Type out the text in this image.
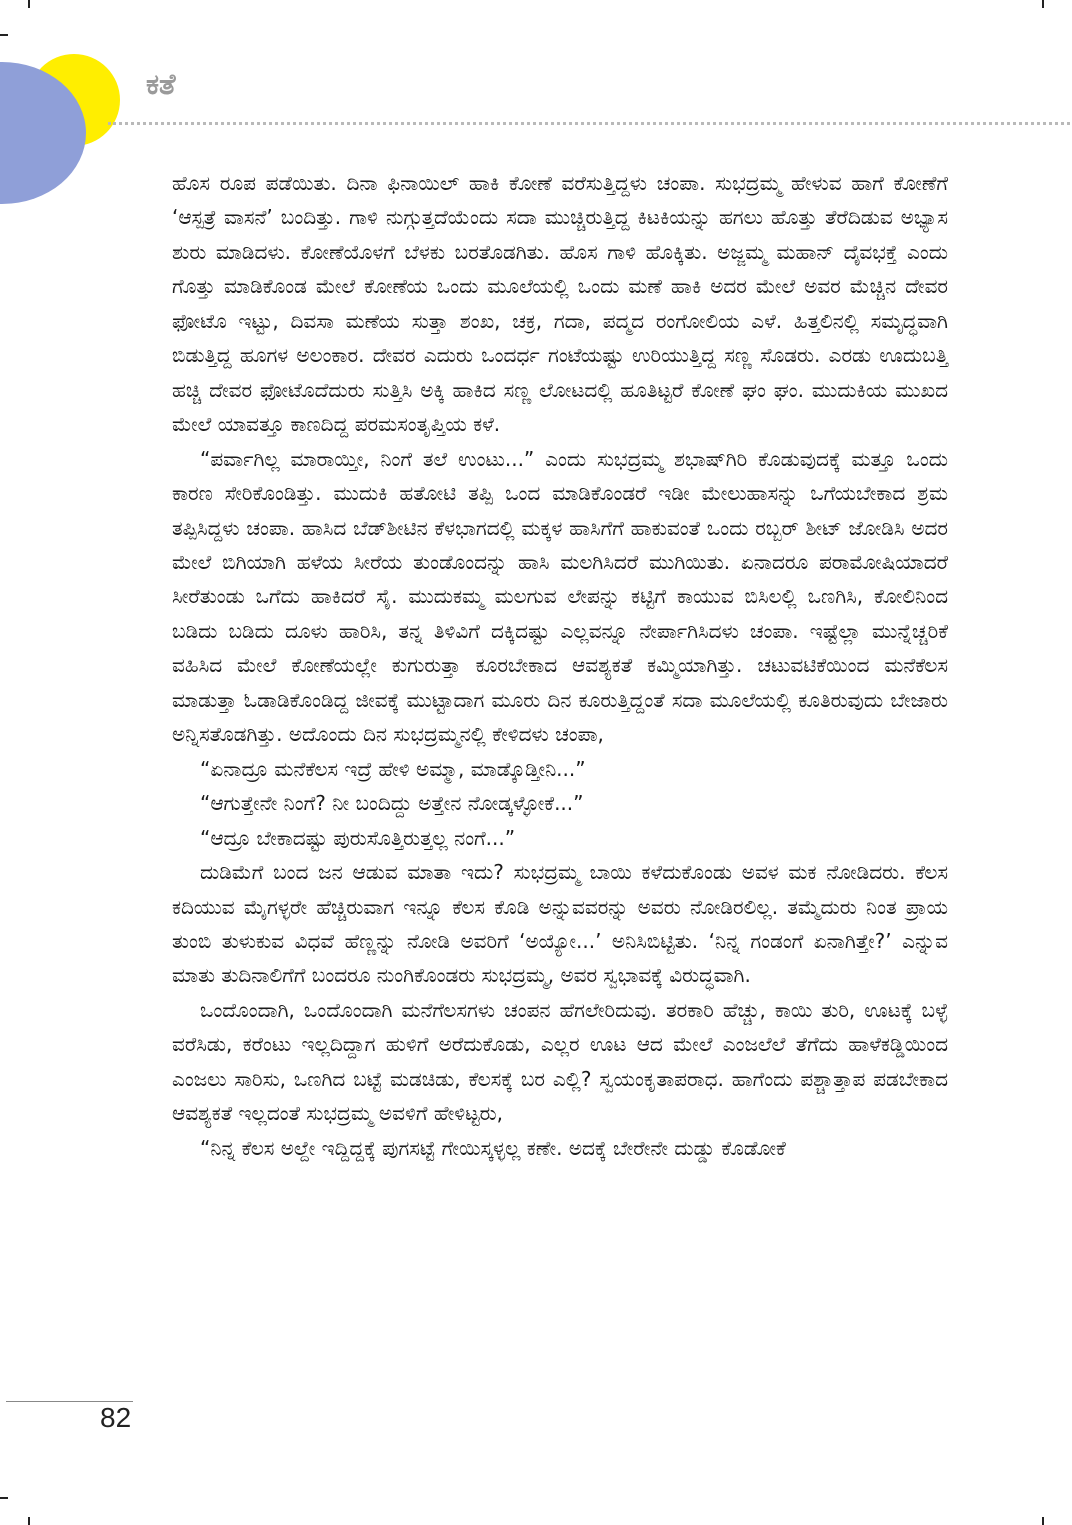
ಕತೆ

ಹೊಸ ರೂಪ ಪಡೆಯಿತು. ದಿನಾ ಫಿನಾಯಿಲ್ ಹಾಕಿ ಕೋಣೆ ವರೆಸುತ್ತಿದ್ದಳು ಚಂಪಾ. ಸುಭದ್ರಮ್ಮ ಹೇಳುವ ಹಾಗೆ ಕೋಣೆಗೆ ‘ಆಸ್ಪತ್ರೆ ವಾಸನೆ’ ಬಂದಿತ್ತು. ಗಾಳಿ ನುಗ್ಗುತ್ತದೆಯೆಂದು ಸದಾ ಮುಚ್ಚಿರುತ್ತಿದ್ದ ಕಿಟಕಿಯನ್ನು ಹಗಲು ಹೊತ್ತು ತೆರೆದಿಡುವ ಅಭ್ಯಾಸ ಶುರು ಮಾಡಿದಳು. ಕೋಣೆಯೊಳಗೆ ಬೆಳಕು ಬರತೊಡಗಿತು. ಹೊಸ ಗಾಳಿ ಹೊಕ್ಕಿತು. ಅಜ್ಜಮ್ಮ ಮಹಾನ್ ದೈವಭಕ್ತೆ ಎಂದು ಗೊತ್ತು ಮಾಡಿಕೊಂಡ ಮೇಲೆ ಕೋಣೆಯ ಒಂದು ಮೂಲೆಯಲ್ಲಿ ಒಂದು ಮಣೆ ಹಾಕಿ ಅದರ ಮೇಲೆ ಅವರ ಮೆಚ್ಚಿನ ದೇವರ ಫೋಟೊ ಇಟ್ಟು, ದಿವಸಾ ಮಣೆಯ ಸುತ್ತಾ ಶಂಖ, ಚಕ್ರ, ಗದಾ, ಪದ್ಮದ ರಂಗೋಲಿಯ ಎಳೆ. ಹಿತ್ತಲಿನಲ್ಲಿ ಸಮೃದ್ಧವಾಗಿ ಬಿಡುತ್ತಿದ್ದ ಹೂಗಳ ಅಲಂಕಾರ. ದೇವರ ಎದುರು ಒಂದರ್ಧ ಗಂಟೆಯಷ್ಟು ಉರಿಯುತ್ತಿದ್ದ ಸಣ್ಣ ಸೊಡರು. ಎರಡು ಊದುಬತ್ತಿ ಹಚ್ಚಿ ದೇವರ ಫೋಟೊದೆದುರು ಸುತ್ತಿಸಿ ಅಕ್ಕಿ ಹಾಕಿದ ಸಣ್ಣ ಲೋಟದಲ್ಲಿ ಹೂತಿಟ್ಟರೆ ಕೋಣೆ ಘಂ ಘಂ. ಮುದುಕಿಯ ಮುಖದ ಮೇಲೆ ಯಾವತ್ತೂ ಕಾಣದಿದ್ದ ಪರಮಸಂತೃಪ್ತಿಯ ಕಳೆ.

“ಪರ್ವಾಗಿಲ್ಲ ಮಾರಾಯ್ತೀ, ನಿಂಗೆ ತಲೆ ಉಂಟು...” ಎಂದು ಸುಭದ್ರಮ್ಮ ಶಭಾಷ್‌ಗಿರಿ ಕೊಡುವುದಕ್ಕೆ ಮತ್ತೂ ಒಂದು ಕಾರಣ ಸೇರಿಕೊಂಡಿತ್ತು. ಮುದುಕಿ ಹತೋಟಿ ತಪ್ಪಿ ಒಂದ ಮಾಡಿಕೊಂಡರೆ ಇಡೀ ಮೇಲುಹಾಸನ್ನು ಒಗೆಯಬೇಕಾದ ಶ್ರಮ ತಪ್ಪಿಸಿದ್ದಳು ಚಂಪಾ. ಹಾಸಿದ ಬೆಡ್‌ಶೀಟಿನ ಕೆಳಭಾಗದಲ್ಲಿ ಮಕ್ಕಳ ಹಾಸಿಗೆಗೆ ಹಾಕುವಂತೆ ಒಂದು ರಬ್ಬರ್ ಶೀಟ್ ಜೋಡಿಸಿ ಅದರ ಮೇಲೆ ಬಿಗಿಯಾಗಿ ಹಳೆಯ ಸೀರೆಯ ತುಂಡೊಂದನ್ನು ಹಾಸಿ ಮಲಗಿಸಿದರೆ ಮುಗಿಯಿತು. ಏನಾದರೂ ಪರಾಮೋಷಿಯಾದರೆ ಸೀರೆತುಂಡು ಒಗೆದು ಹಾಕಿದರೆ ಸೈ. ಮುದುಕಮ್ಮ ಮಲಗುವ ಲೇಪನ್ನು ಕಟ್ಟಿಗೆ ಕಾಯುವ ಬಿಸಿಲಲ್ಲಿ ಒಣಗಿಸಿ, ಕೋಲಿನಿಂದ ಬಡಿದು ಬಡಿದು ದೂಳು ಹಾರಿಸಿ, ತನ್ನ ತಿಳಿವಿಗೆ ದಕ್ಕಿದಷ್ಟು ಎಲ್ಲವನ್ನೂ ನೇರ್ಪಾಗಿಸಿದಳು ಚಂಪಾ. ಇಷ್ಟೆಲ್ಲಾ ಮುನ್ನೆಚ್ಚರಿಕೆ ವಹಿಸಿದ ಮೇಲೆ ಕೋಣೆಯಲ್ಲೇ ಕುಗುರುತ್ತಾ ಕೂರಬೇಕಾದ ಆವಶ್ಯಕತೆ ಕಮ್ಮಿಯಾಗಿತ್ತು. ಚಟುವಟಿಕೆಯಿಂದ ಮನೆಕೆಲಸ ಮಾಡುತ್ತಾ ಓಡಾಡಿಕೊಂಡಿದ್ದ ಜೀವಕ್ಕೆ ಮುಟ್ಟಾದಾಗ ಮೂರು ದಿನ ಕೂರುತ್ತಿದ್ದಂತೆ ಸದಾ ಮೂಲೆಯಲ್ಲಿ ಕೂತಿರುವುದು ಬೇಜಾರು ಅನ್ನಿಸತೊಡಗಿತ್ತು. ಅದೊಂದು ದಿನ ಸುಭದ್ರಮ್ಮನಲ್ಲಿ ಕೇಳಿದಳು ಚಂಪಾ,

“ಏನಾದ್ರೂ ಮನೆಕೆಲಸ ಇದ್ರೆ ಹೇಳಿ ಅಮ್ಮಾ, ಮಾಡ್ಕೊಡ್ತೀನಿ...”

“ಆಗುತ್ತೇನೇ ನಿಂಗೆ? ನೀ ಬಂದಿದ್ದು ಅತ್ತೇನ ನೋಡ್ಕಳ್ಳೋಕೆ...”

“ಆದ್ರೂ ಬೇಕಾದಷ್ಟು ಪುರುಸೊತ್ತಿರುತ್ತಲ್ಲ ನಂಗೆ...”

ದುಡಿಮೆಗೆ ಬಂದ ಜನ ಆಡುವ ಮಾತಾ ಇದು? ಸುಭದ್ರಮ್ಮ ಬಾಯಿ ಕಳೆದುಕೊಂಡು ಅವಳ ಮಕ ನೋಡಿದರು. ಕೆಲಸ ಕದಿಯುವ ಮೈಗಳ್ಳರೇ ಹೆಚ್ಚಿರುವಾಗ ಇನ್ನೂ ಕೆಲಸ ಕೊಡಿ ಅನ್ನುವವರನ್ನು ಅವರು ನೋಡಿರಲಿಲ್ಲ. ತಮ್ಮೆದುರು ನಿಂತ ಪ್ರಾಯ ತುಂಬಿ ತುಳುಕುವ ವಿಧವೆ ಹೆಣ್ಣನ್ನು ನೋಡಿ ಅವರಿಗೆ ‘ಅಯ್ಯೋ...’ ಅನಿಸಿಬಿಟ್ಟಿತು. ‘ನಿನ್ನ ಗಂಡಂಗೆ ಏನಾಗಿತ್ತೇ?’ ಎನ್ನುವ ಮಾತು ತುದಿನಾಲಿಗೆಗೆ ಬಂದರೂ ನುಂಗಿಕೊಂಡರು ಸುಭದ್ರಮ್ಮ, ಅವರ ಸ್ವಭಾವಕ್ಕೆ ವಿರುದ್ಧವಾಗಿ.

ಒಂದೊಂದಾಗಿ, ಒಂದೊಂದಾಗಿ ಮನೆಗೆಲಸಗಳು ಚಂಪನ ಹೆಗಲೇರಿದುವು. ತರಕಾರಿ ಹೆಚ್ಚು, ಕಾಯಿ ತುರಿ, ಊಟಕ್ಕೆ ಬಳ್ಳೆ ವರೆಸಿಡು, ಕರೆಂಟು ಇಲ್ಲದಿದ್ದಾಗ ಹುಳಿಗೆ ಅರೆದುಕೊಡು, ಎಲ್ಲರ ಊಟ ಆದ ಮೇಲೆ ಎಂಜಲೆಲೆ ತೆಗೆದು ಹಾಳೆಕಡ್ಡಿಯಿಂದ ಎಂಜಲು ಸಾರಿಸು, ಒಣಗಿದ ಬಟ್ಟೆ ಮಡಚಿಡು, ಕೆಲಸಕ್ಕೆ ಬರ ಎಲ್ಲಿ? ಸ್ವಯಂಕೃತಾಪರಾಧ. ಹಾಗೆಂದು ಪಶ್ಚಾತ್ತಾಪ ಪಡಬೇಕಾದ ಆವಶ್ಯಕತೆ ಇಲ್ಲದಂತೆ ಸುಭದ್ರಮ್ಮ ಅವಳಿಗೆ ಹೇಳಿಟ್ಟರು,

“ನಿನ್ನ ಕೆಲಸ ಅಲ್ದೇ ಇದ್ದಿದ್ದಕ್ಕೆ ಪುಗಸಟ್ಟೆ ಗೇಯಿಸ್ಕಳ್ಳಲ್ಲ ಕಣೇ. ಅದಕ್ಕೆ ಬೇರೇನೇ ದುಡ್ಡು ಕೊಡೋಕೆ

82
